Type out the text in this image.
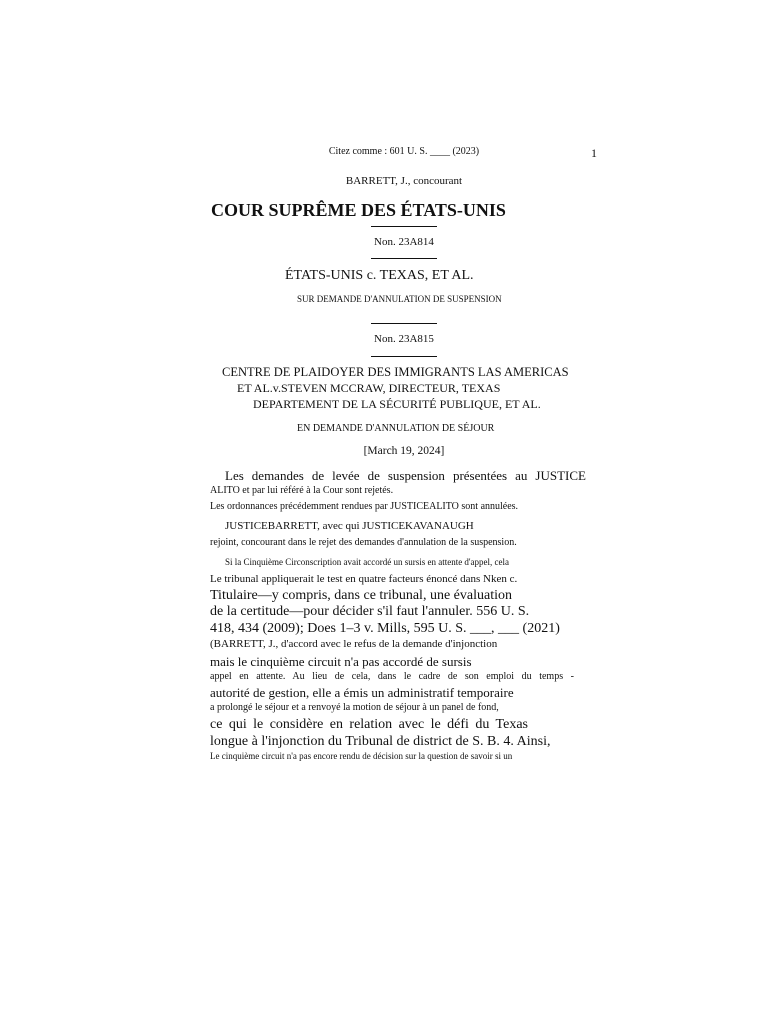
Citez comme : 601 U. S. ____ (2023)	1
BARRETT, J., concourant
COUR SUPRÊME DES ÉTATS-UNIS
Non. 23A814
ÉTATS-UNIS c. TEXAS, ET AL.
SUR DEMANDE D'ANNULATION DE SUSPENSION
Non. 23A815
CENTRE DE PLAIDOYER DES IMMIGRANTS LAS AMERICAS
ET AL.v.STEVEN MCCRAW, DIRECTEUR, TEXAS
DEPARTEMENT DE LA SÉCURITÉ PUBLIQUE, ET AL.
EN DEMANDE D'ANNULATION DE SÉJOUR
[March 19, 2024]
Les demandes de levée de suspension présentées au JUSTICE
ALITO et par lui référé à la Cour sont rejetés.
Les ordonnances précédemment rendues par JUSTICEALITO sont annulées.
JUSTICEBARRETT, avec qui JUSTICEKAVANAUGH
rejoint, concourant dans le rejet des demandes d'annulation de la suspension.
Si la Cinquième Circonscription avait accordé un sursis en attente d'appel, cela
Le tribunal appliquerait le test en quatre facteurs énoncé dans Nken c.
Titulaire—y compris, dans ce tribunal, une évaluation
de la certitude—pour décider s'il faut l'annuler. 556 U. S.
418, 434 (2009); Does 1–3 v. Mills, 595 U. S. ___, ___ (2021)
(BARRETT, J., d'accord avec le refus de la demande d'injonction
mais le cinquième circuit n'a pas accordé de sursis
appel en attente. Au lieu de cela, dans le cadre de son emploi du temps -
autorité de gestion, elle a émis un administratif temporaire
a prolongé le séjour et a renvoyé la motion de séjour à un panel de fond,
ce qui le considère en relation avec le défi du Texas
longue à l'injonction du Tribunal de district de S. B. 4. Ainsi,
Le cinquième circuit n'a pas encore rendu de décision sur la question de savoir si un
